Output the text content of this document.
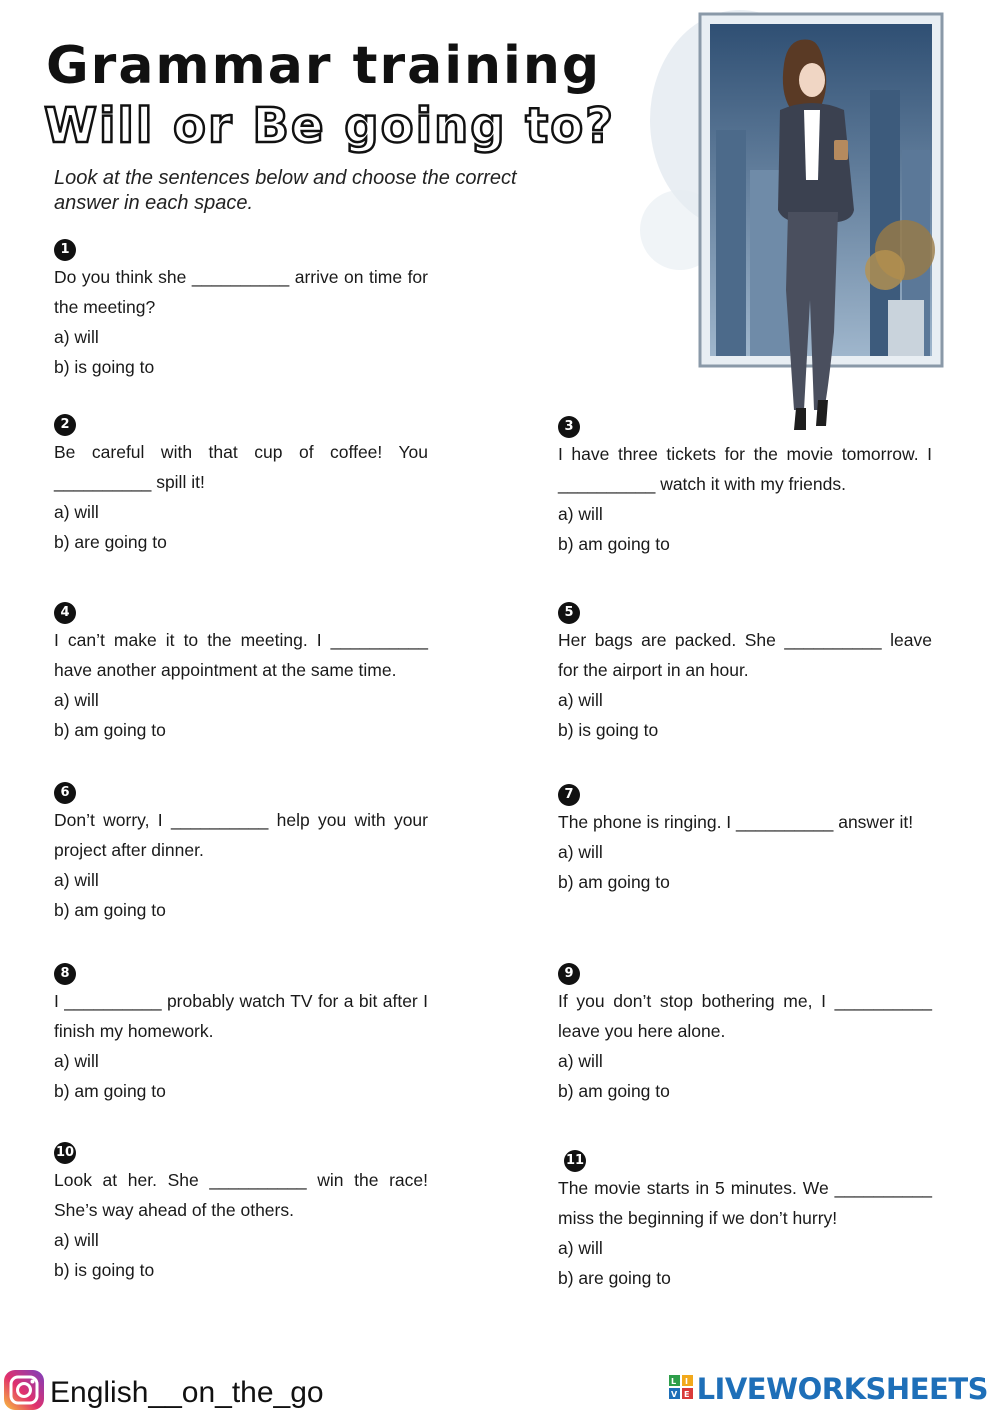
Grammar training
Will or Be going to?
Look at the sentences below and choose the correct answer in each space.
1
Do you think she __________ arrive on time for the meeting?
a) will
b) is going to
2
Be careful with that cup of coffee! You __________ spill it!
a) will
b) are going to
3
I have three tickets for the movie tomorrow. I __________ watch it with my friends.
a) will
b) am going to
4
I can’t make it to the meeting. I __________ have another appointment at the same time.
a) will
b) am going to
5
Her bags are packed. She __________ leave for the airport in an hour.
a) will
b) is going to
6
Don’t worry, I __________ help you with your project after dinner.
a) will
b) am going to
7
The phone is ringing. I __________ answer it!
a) will
b) am going to
8
I __________ probably watch TV for a bit after I finish my homework.
a) will
b) am going to
9
If you don’t stop bothering me, I __________ leave you here alone.
a) will
b) am going to
10
Look at her. She __________ win the race! She’s way ahead of the others.
a) will
b) is going to
11
The movie starts in 5 minutes. We __________ miss the beginning if we don’t hurry!
a) will
b) are going to
English__on_the_go	L I
V E LIVEWORKSHEETS
